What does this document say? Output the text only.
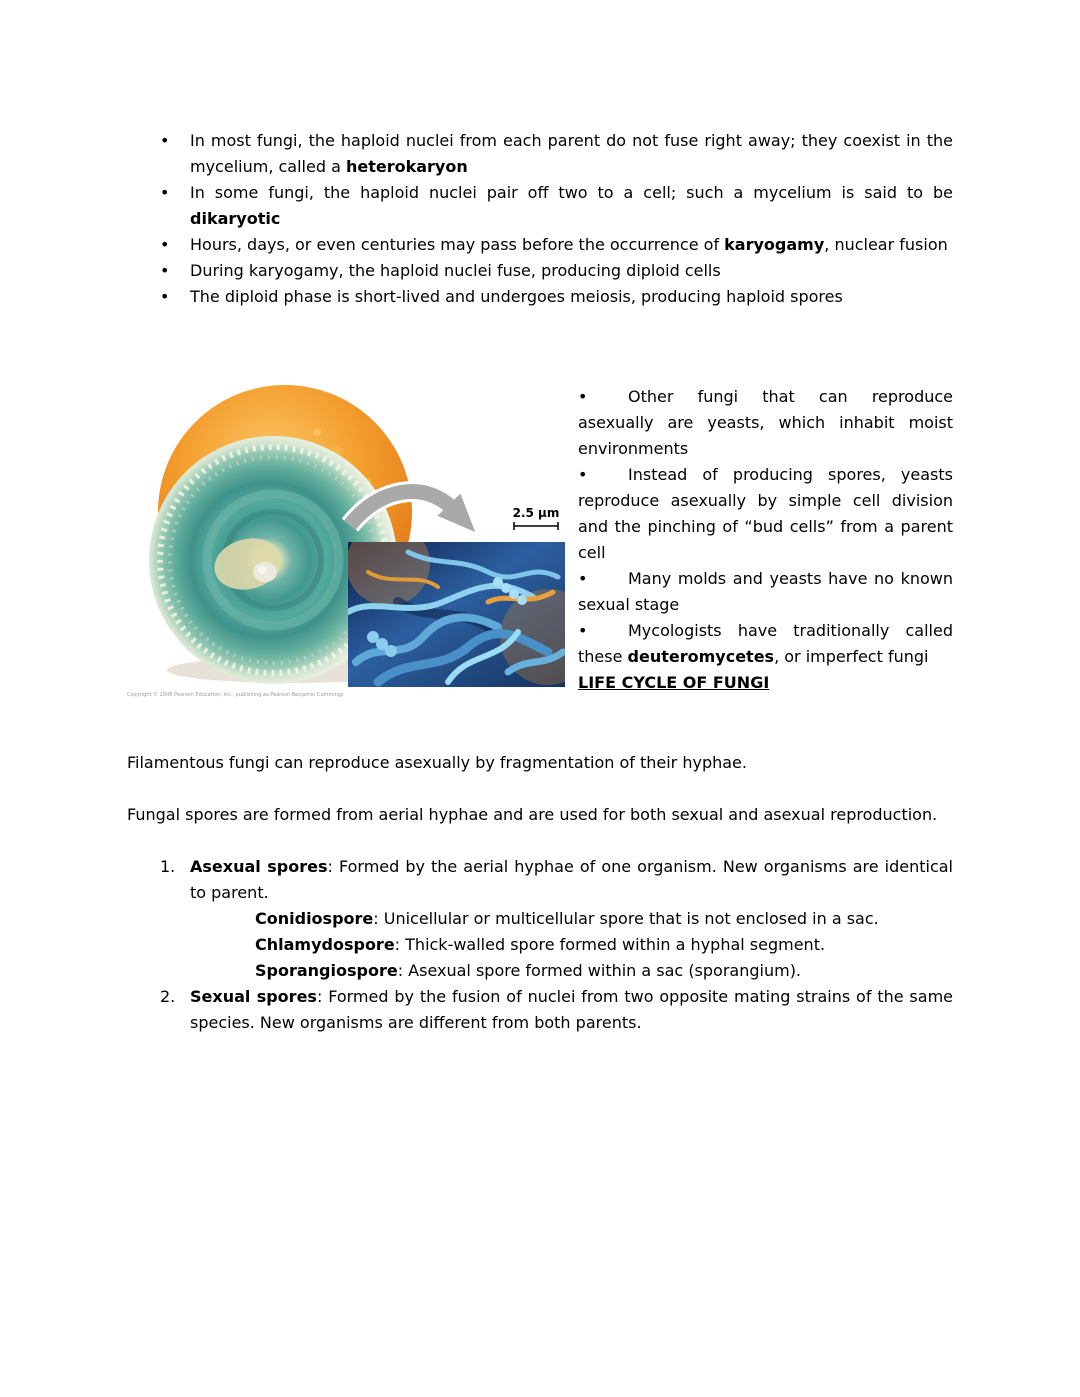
• In most fungi, the haploid nuclei from each parent do not fuse right away; they coexist in the mycelium, called a heterokaryon
• In some fungi, the haploid nuclei pair off two to a cell; such a mycelium is said to be dikaryotic
• Hours, days, or even centuries may pass before the occurrence of karyogamy, nuclear fusion
• During karyogamy, the haploid nuclei fuse, producing diploid cells
• The diploid phase is short-lived and undergoes meiosis, producing haploid spores
2.5 μm
Copyright © 2008 Pearson Education, Inc., publishing as Pearson Benjamin Cummings

•	Other fungi that can reproduce asexually are yeasts, which inhabit moist environments

•	Instead of producing spores, yeasts reproduce asexually by simple cell division and the pinching of “bud cells” from a parent cell

•	Many molds and yeasts have no known sexual stage

•	Mycologists have traditionally called these deuteromycetes, or imperfect fungi

LIFE CYCLE OF FUNGI

Filamentous fungi can reproduce asexually by fragmentation of their hyphae.

Fungal spores are formed from aerial hyphae and are used for both sexual and asexual reproduction.

1. Asexual spores: Formed by the aerial hyphae of one organism. New organisms are identical to parent.
Conidiospore: Unicellular or multicellular spore that is not enclosed in a sac.
Chlamydospore: Thick-walled spore formed within a hyphal segment.
Sporangiospore: Asexual spore formed within a sac (sporangium).
2. Sexual spores: Formed by the fusion of nuclei from two opposite mating strains of the same species. New organisms are different from both parents.
